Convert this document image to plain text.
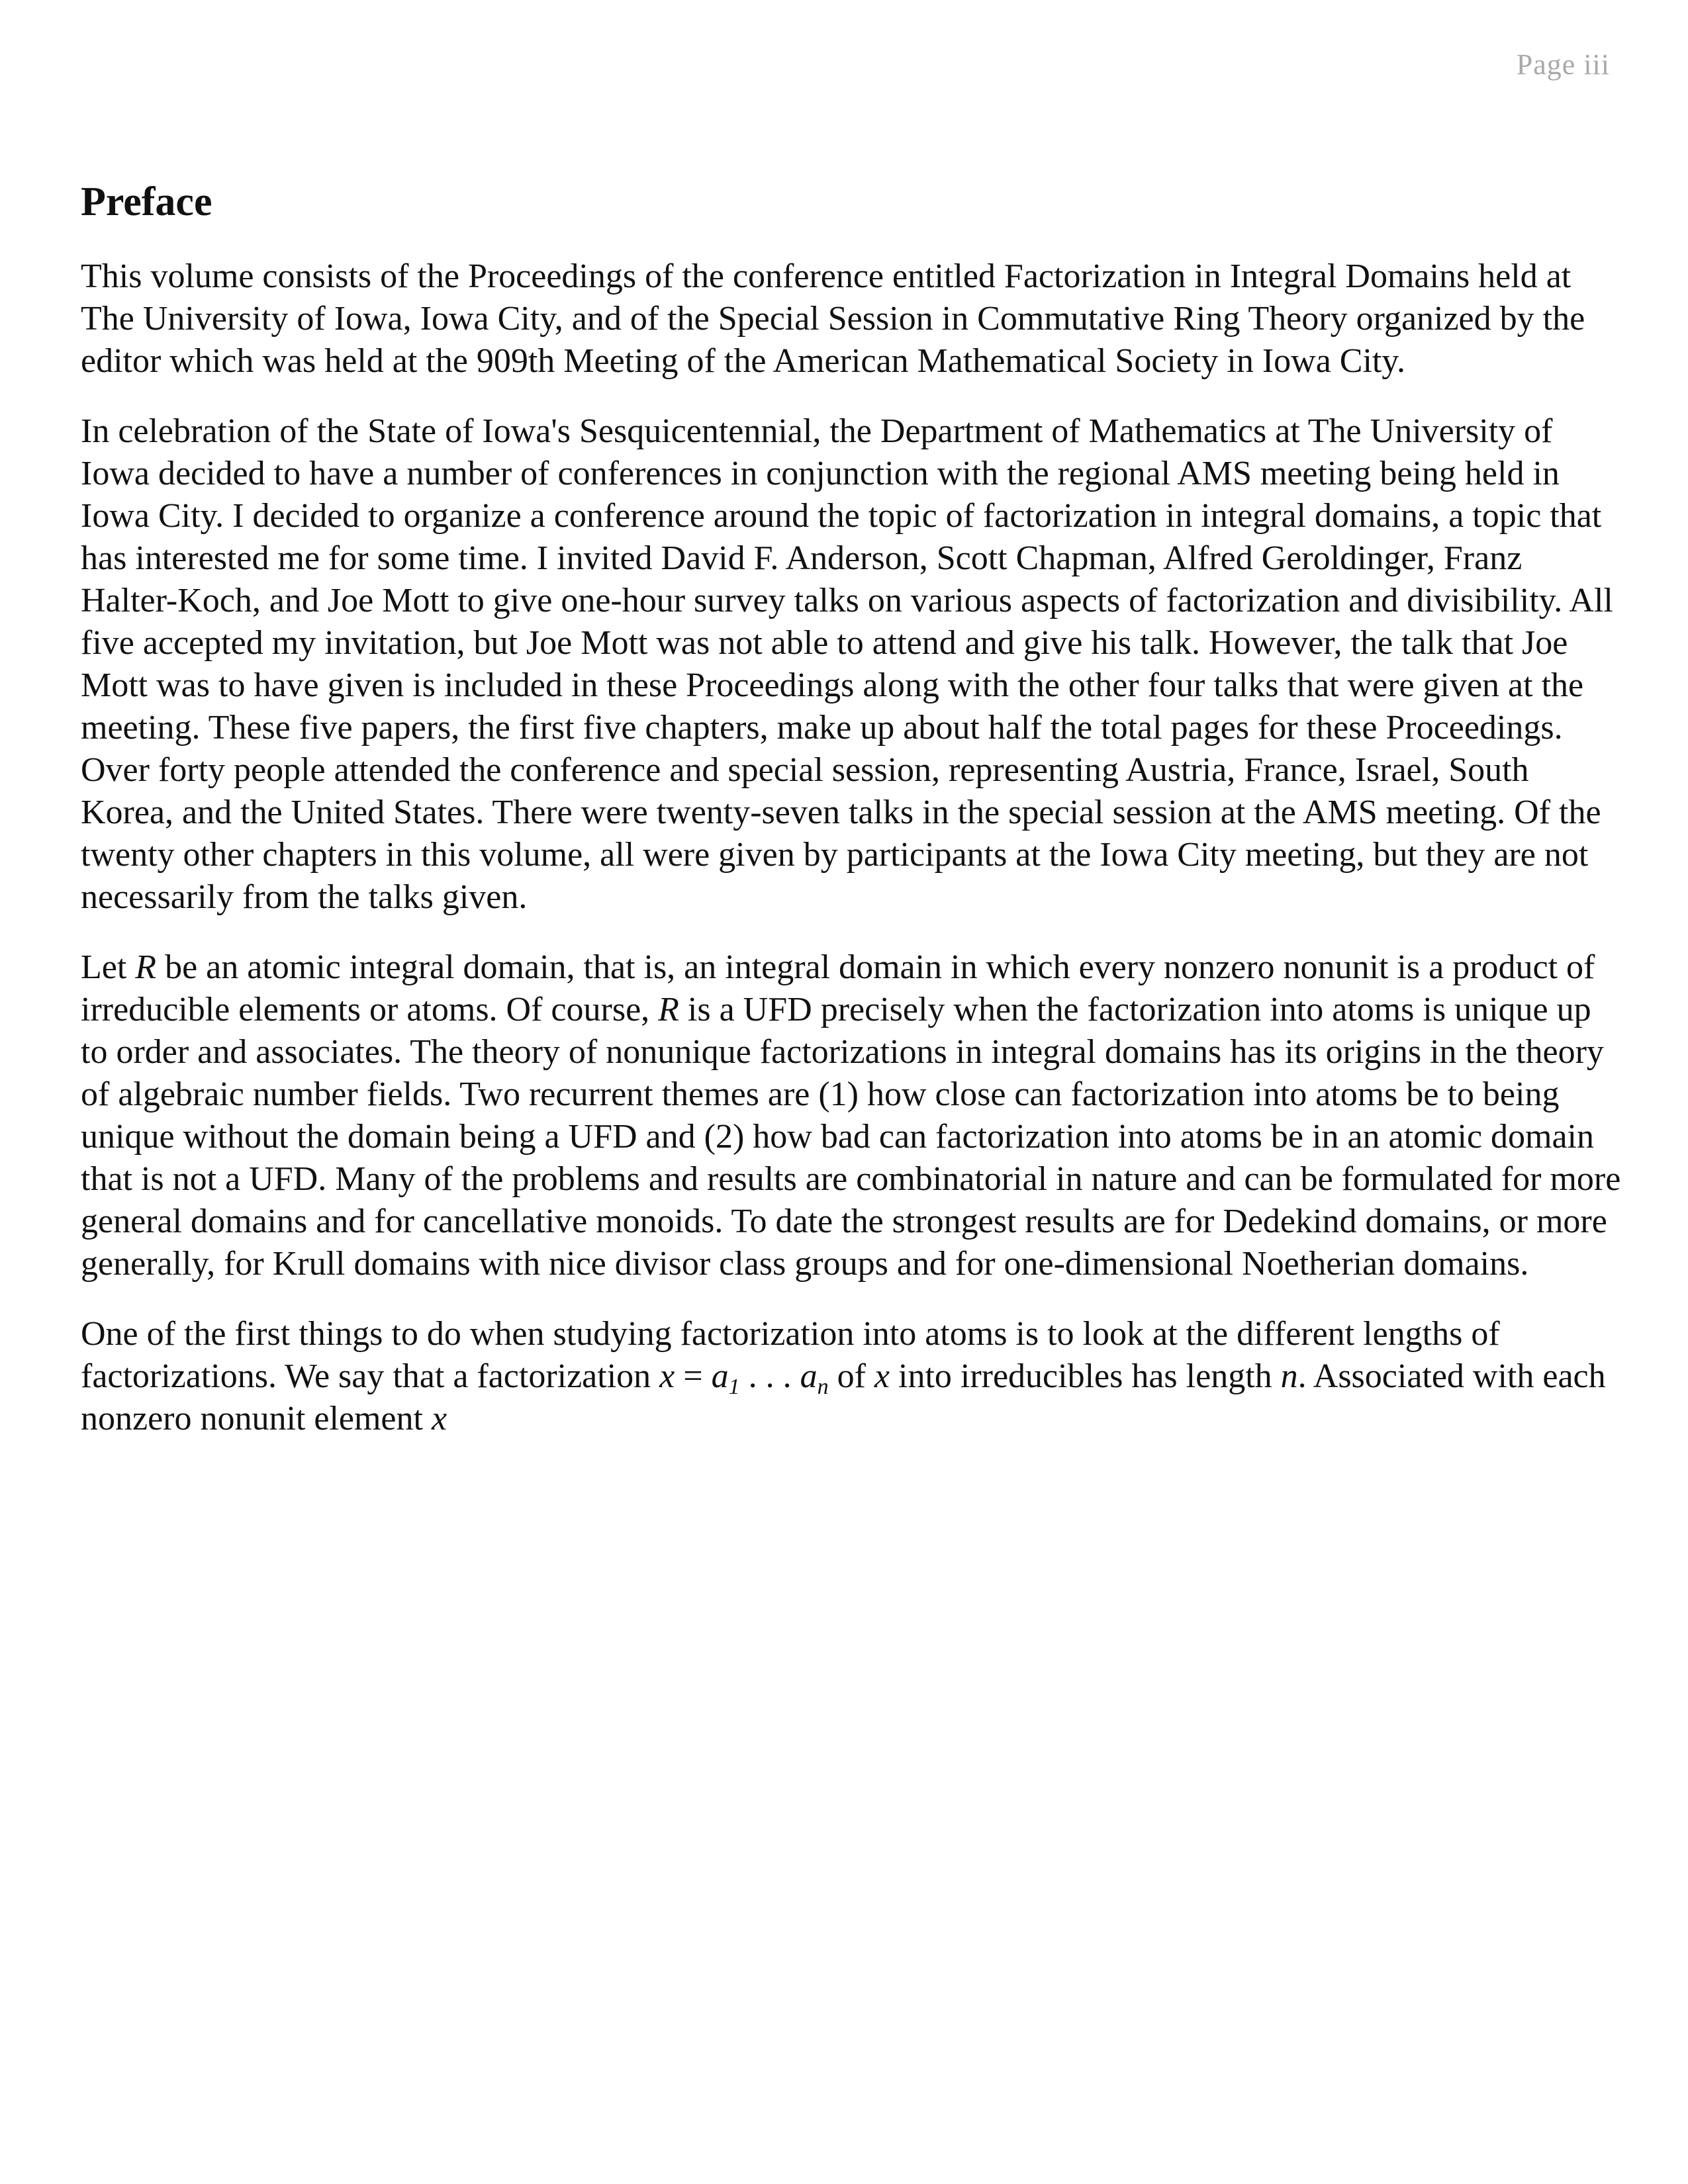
Page iii
Preface

This volume consists of the Proceedings of the conference entitled Factorization in Integral Domains held at The University of Iowa, Iowa City, and of the Special Session in Commutative Ring Theory organized by the editor which was held at the 909th Meeting of the American Mathematical Society in Iowa City.

In celebration of the State of Iowa's Sesquicentennial, the Department of Mathematics at The University of Iowa decided to have a number of conferences in conjunction with the regional AMS meeting being held in Iowa City. I decided to organize a conference around the topic of factorization in integral domains, a topic that has interested me for some time. I invited David F. Anderson, Scott Chapman, Alfred Geroldinger, Franz Halter-Koch, and Joe Mott to give one-hour survey talks on various aspects of factorization and divisibility. All five accepted my invitation, but Joe Mott was not able to attend and give his talk. However, the talk that Joe Mott was to have given is included in these Proceedings along with the other four talks that were given at the meeting. These five papers, the first five chapters, make up about half the total pages for these Proceedings. Over forty people attended the conference and special session, representing Austria, France, Israel, South Korea, and the United States. There were twenty-seven talks in the special session at the AMS meeting. Of the twenty other chapters in this volume, all were given by participants at the Iowa City meeting, but they are not necessarily from the talks given.

Let R be an atomic integral domain, that is, an integral domain in which every nonzero nonunit is a product of irreducible elements or atoms. Of course, R is a UFD precisely when the factorization into atoms is unique up to order and associates. The theory of nonunique factorizations in integral domains has its origins in the theory of algebraic number fields. Two recurrent themes are (1) how close can factorization into atoms be to being unique without the domain being a UFD and (2) how bad can factorization into atoms be in an atomic domain that is not a UFD. Many of the problems and results are combinatorial in nature and can be formulated for more general domains and for cancellative monoids. To date the strongest results are for Dedekind domains, or more generally, for Krull domains with nice divisor class groups and for one-dimensional Noetherian domains.

One of the first things to do when studying factorization into atoms is to look at the different lengths of factorizations. We say that a factorization $x = a_1$ . . . $a_n$ of x into irreducibles has length n. Associated with each nonzero nonunit element x
